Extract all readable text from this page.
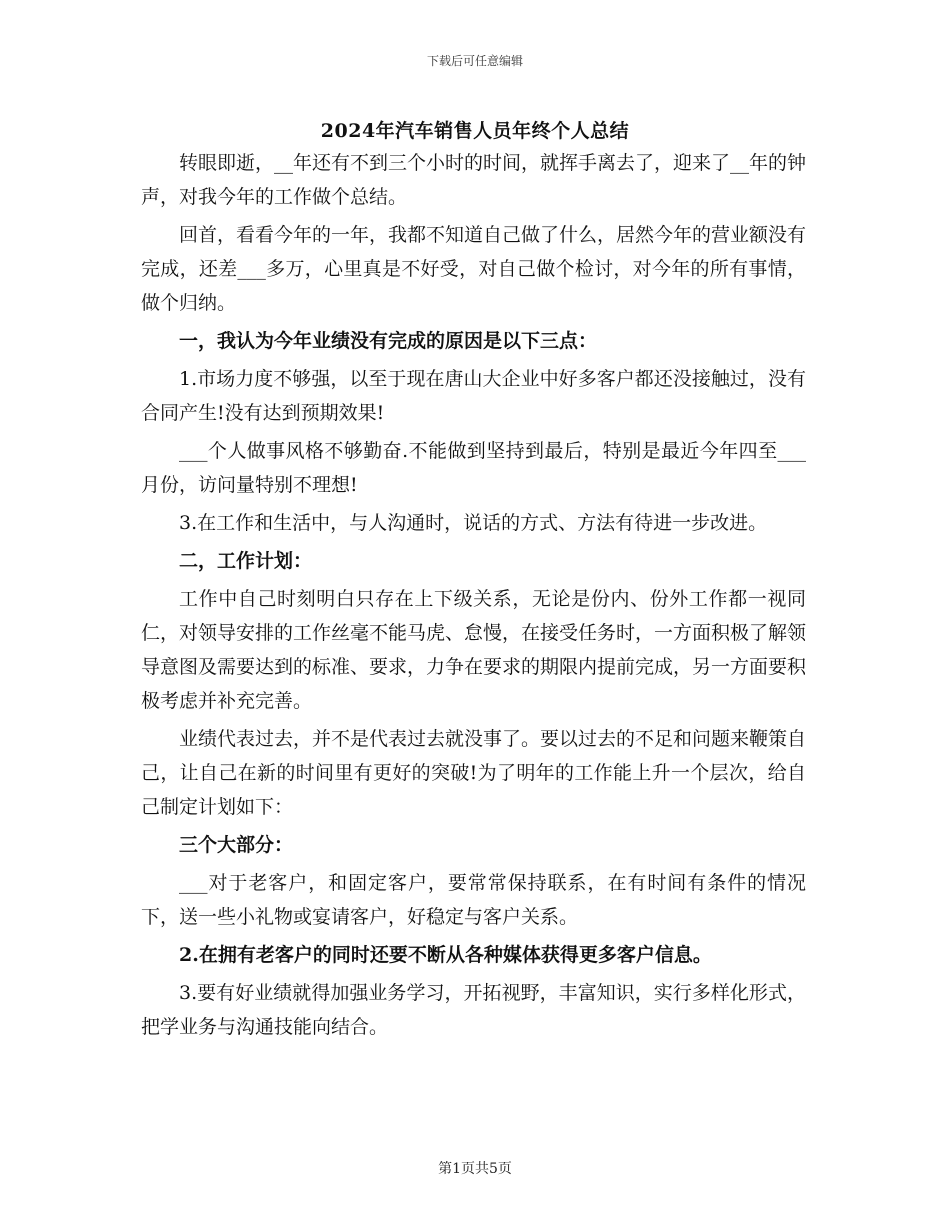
下载后可任意编辑
2024年汽车销售人员年终个人总结

转眼即逝，__年还有不到三个小时的时间，就挥手离去了，迎来了__年的钟声，对我今年的工作做个总结。

回首，看看今年的一年，我都不知道自己做了什么，居然今年的营业额没有完成，还差___多万，心里真是不好受，对自己做个检讨，对今年的所有事情，做个归纳。

一，我认为今年业绩没有完成的原因是以下三点：

1.市场力度不够强，以至于现在唐山大企业中好多客户都还没接触过，没有合同产生!没有达到预期效果!

___个人做事风格不够勤奋.不能做到坚持到最后，特别是最近今年四至___月份，访问量特别不理想!

3.在工作和生活中，与人沟通时，说话的方式、方法有待进一步改进。

二，工作计划：

工作中自己时刻明白只存在上下级关系，无论是份内、份外工作都一视同仁，对领导安排的工作丝毫不能马虎、怠慢，在接受任务时，一方面积极了解领导意图及需要达到的标准、要求，力争在要求的期限内提前完成，另一方面要积极考虑并补充完善。

业绩代表过去，并不是代表过去就没事了。要以过去的不足和问题来鞭策自己，让自己在新的时间里有更好的突破!为了明年的工作能上升一个层次，给自己制定计划如下：

三个大部分：

___对于老客户，和固定客户，要常常保持联系，在有时间有条件的情况下，送一些小礼物或宴请客户，好稳定与客户关系。

2.在拥有老客户的同时还要不断从各种媒体获得更多客户信息。

3.要有好业绩就得加强业务学习，开拓视野，丰富知识，实行多样化形式，把学业务与沟通技能向结合。

第1页共5页
